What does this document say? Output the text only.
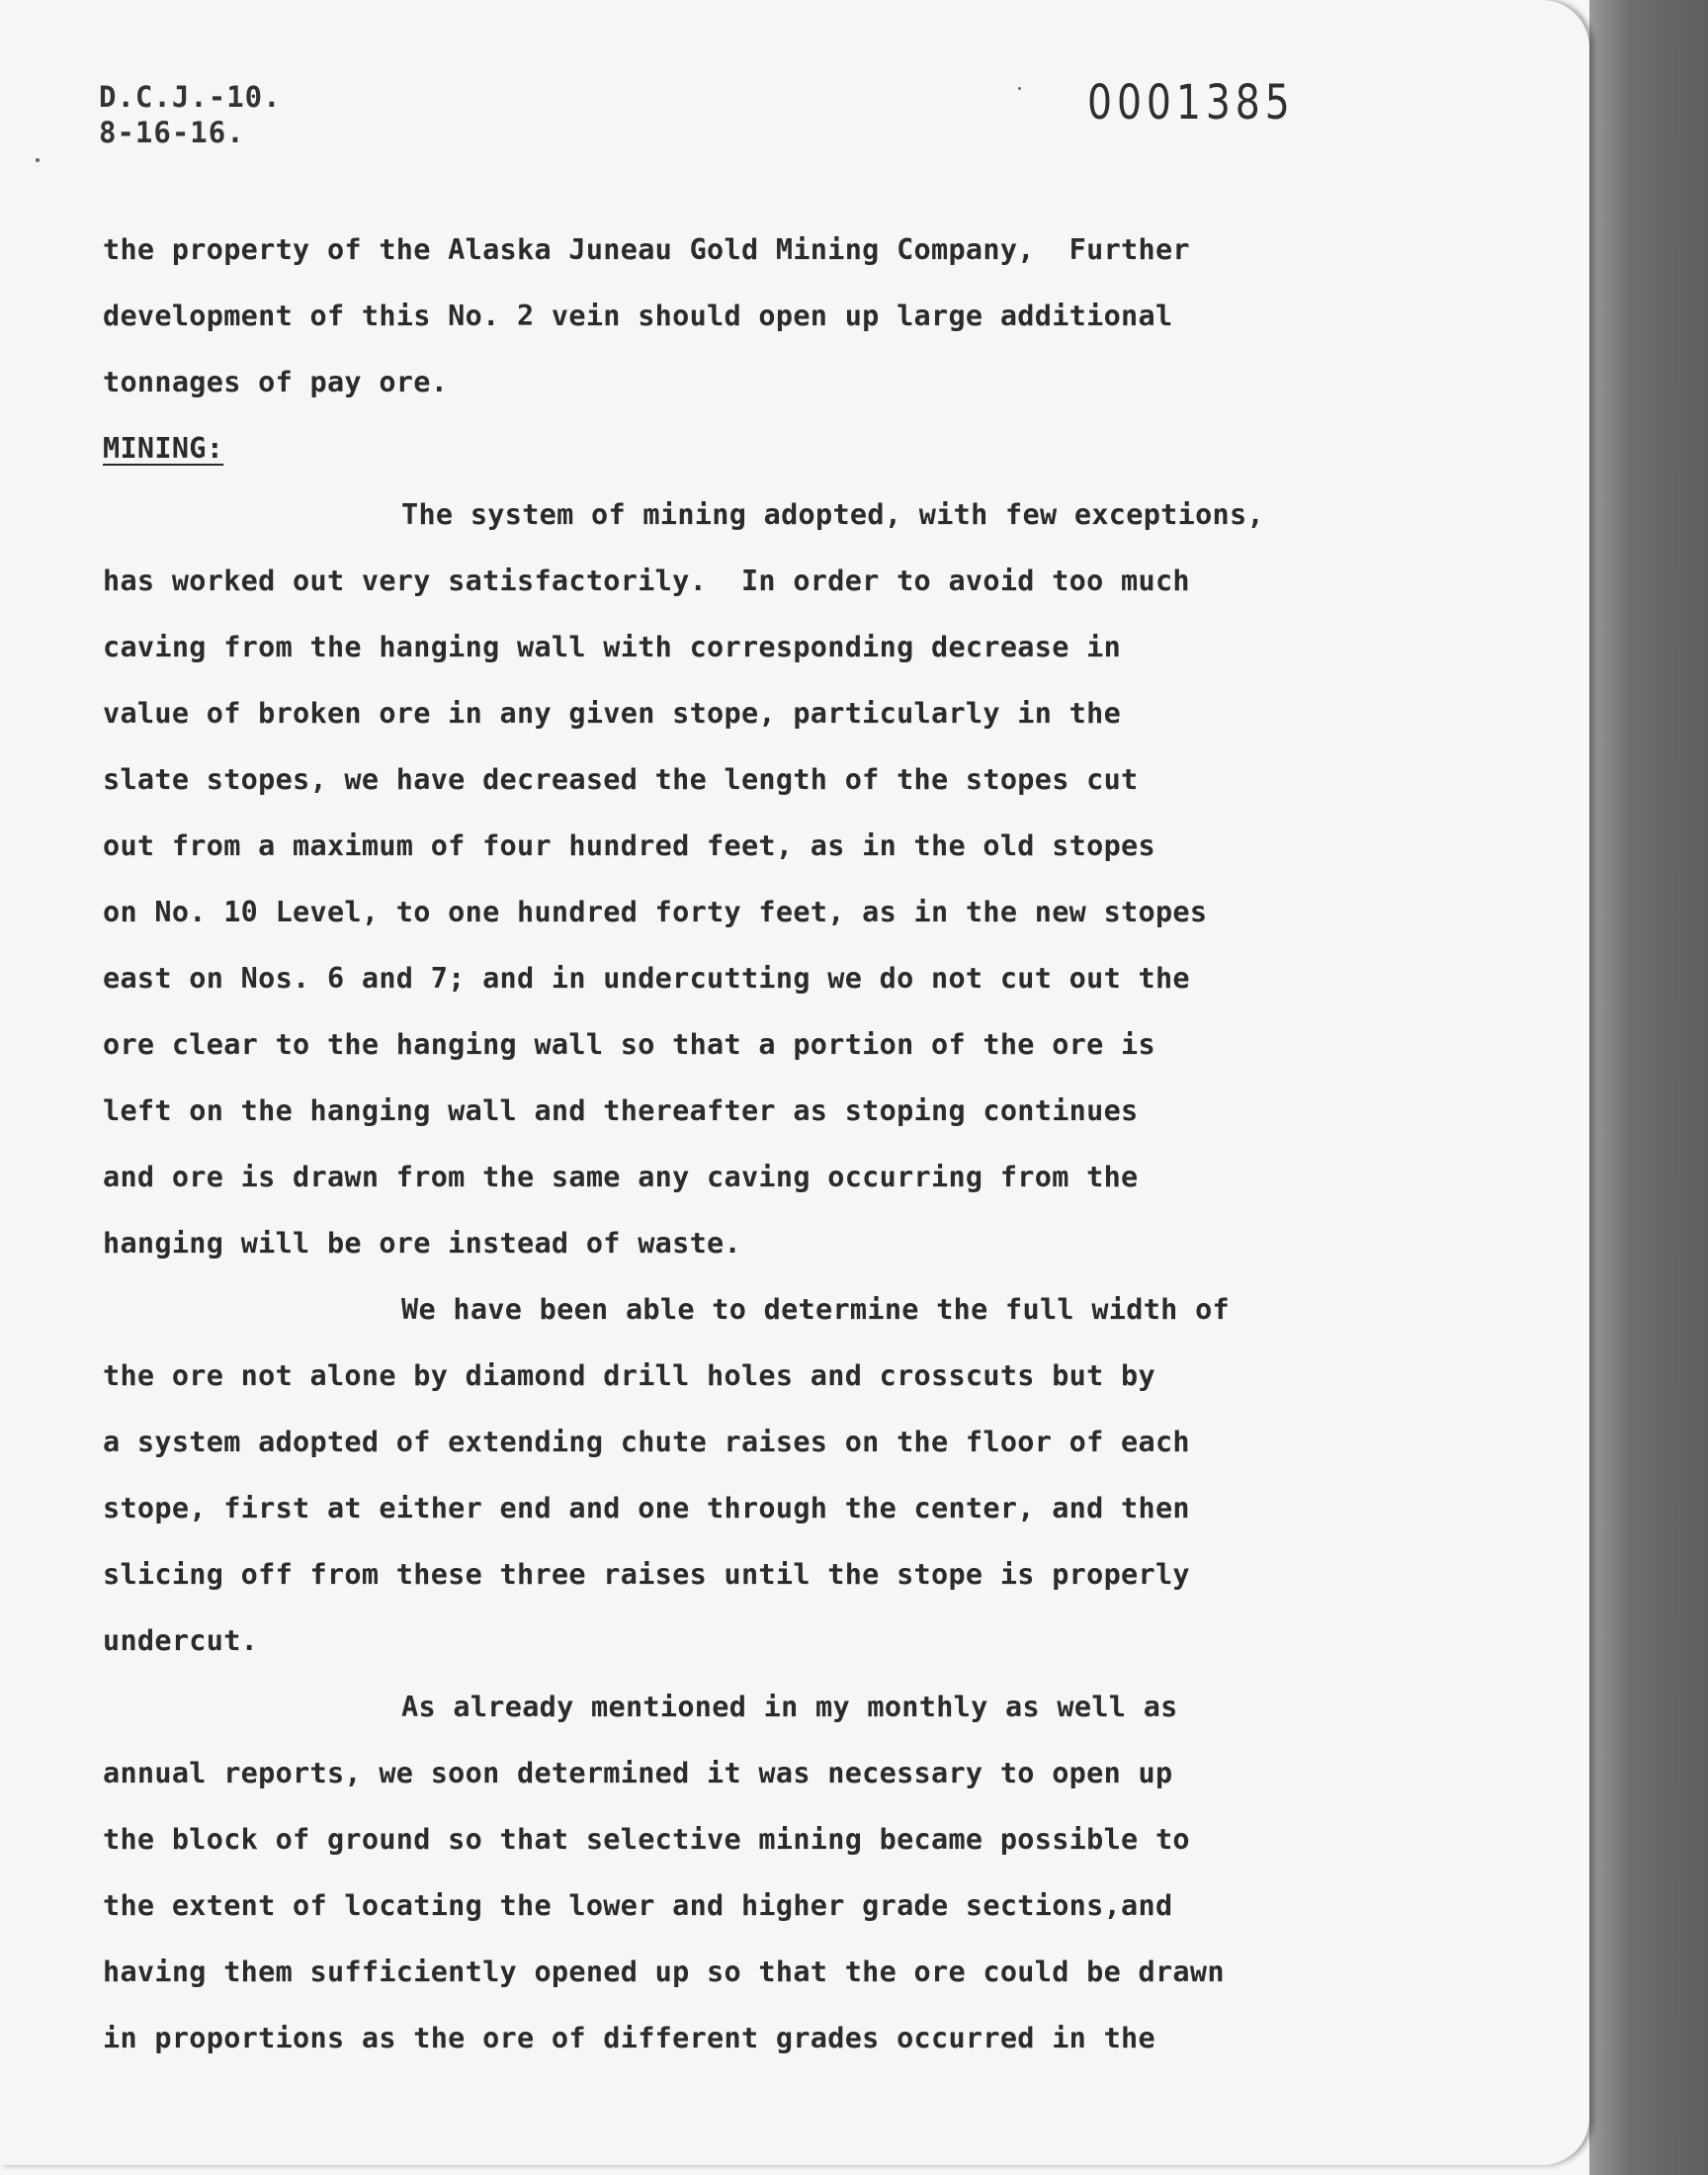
D.C.J.-10.
8-16-16.
0001385
the property of the Alaska Juneau Gold Mining Company,  Further
development of this No. 2 vein should open up large additional
tonnages of pay ore.
MINING:
The system of mining adopted, with few exceptions,
has worked out very satisfactorily.  In order to avoid too much
caving from the hanging wall with corresponding decrease in
value of broken ore in any given stope, particularly in the
slate stopes, we have decreased the length of the stopes cut
out from a maximum of four hundred feet, as in the old stopes
on No. 10 Level, to one hundred forty feet, as in the new stopes
east on Nos. 6 and 7; and in undercutting we do not cut out the
ore clear to the hanging wall so that a portion of the ore is
left on the hanging wall and thereafter as stoping continues
and ore is drawn from the same any caving occurring from the
hanging will be ore instead of waste.
We have been able to determine the full width of
the ore not alone by diamond drill holes and crosscuts but by
a system adopted of extending chute raises on the floor of each
stope, first at either end and one through the center, and then
slicing off from these three raises until the stope is properly
undercut.
As already mentioned in my monthly as well as
annual reports, we soon determined it was necessary to open up
the block of ground so that selective mining became possible to
the extent of locating the lower and higher grade sections,and
having them sufficiently opened up so that the ore could be drawn
in proportions as the ore of different grades occurred in the
